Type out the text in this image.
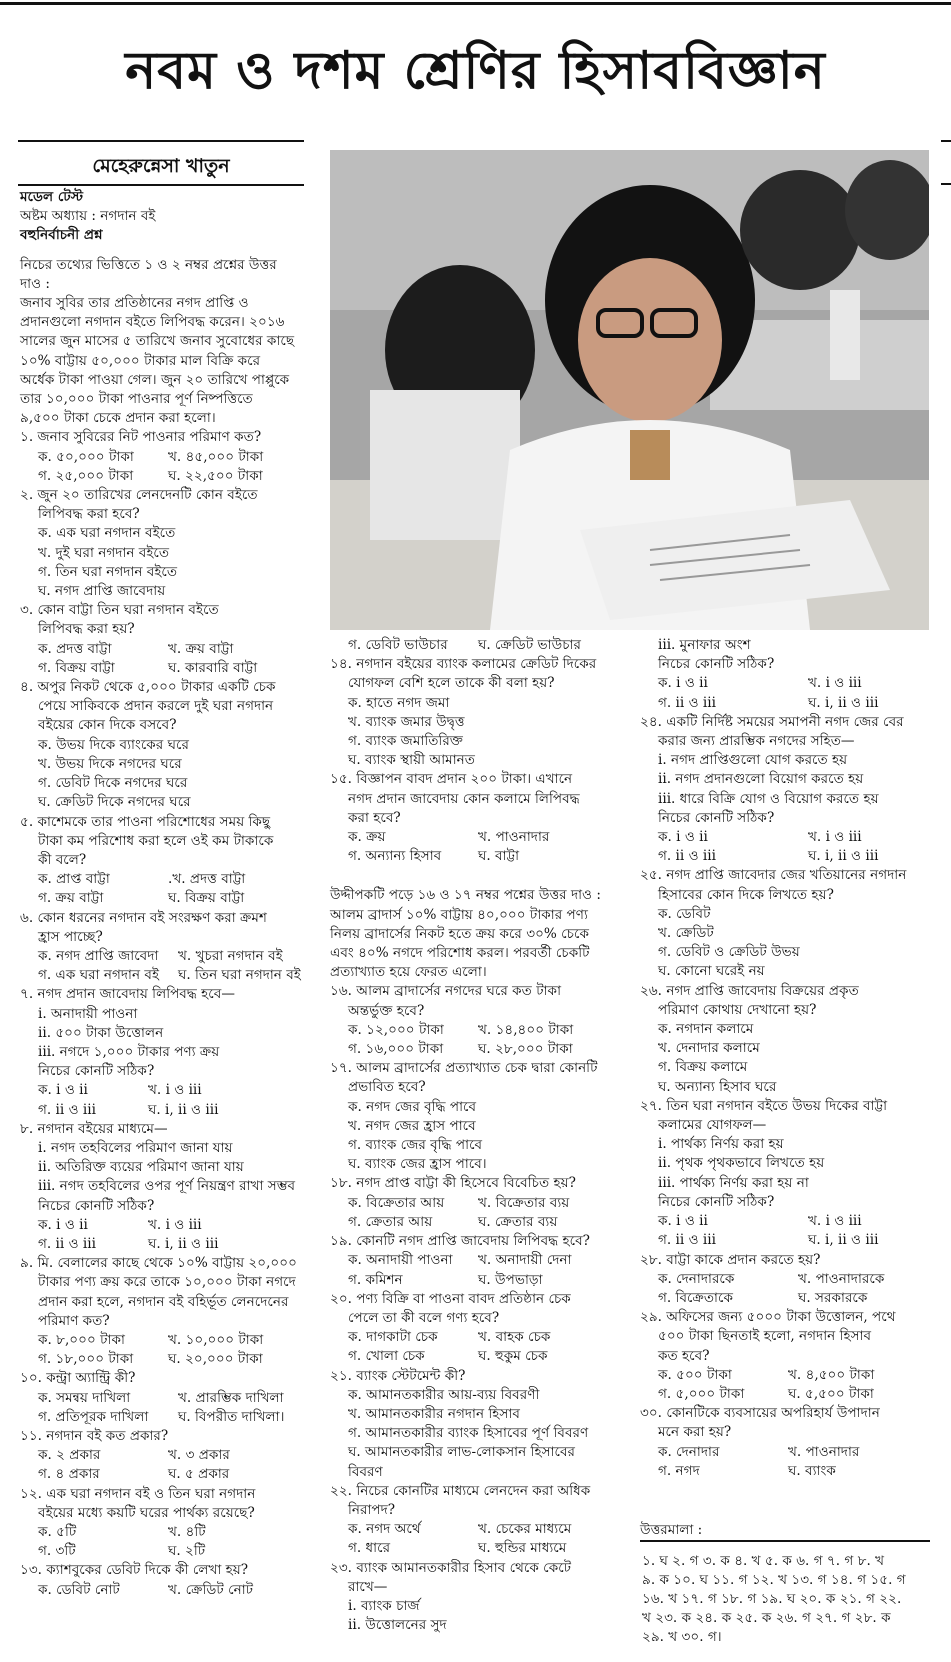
নবম ও দশম শ্রেণির হিসাববিজ্ঞান
মেহেরুন্নেসা খাতুন

মডেল টেস্ট

অষ্টম অধ্যায় : নগদান বই

বহুনির্বাচনী প্রশ্ন

নিচের তথ্যের ভিত্তিতে ১ ও ২ নম্বর প্রশ্নের উত্তর

দাও :

জনাব সুবির তার প্রতিষ্ঠানের নগদ প্রাপ্তি ও

প্রদানগুলো নগদান বইতে লিপিবদ্ধ করেন। ২০১৬

সালের জুন মাসের ৫ তারিখে জনাব সুবোধের কাছে

১০% বাট্টায় ৫০,০০০ টাকার মাল বিক্রি করে

অর্ধেক টাকা পাওয়া গেল। জুন ২০ তারিখে পাপ্পুকে

তার ১০,০০০ টাকা পাওনার পূর্ণ নিষ্পত্তিতে

৯,৫০০ টাকা চেকে প্রদান করা হলো।

১. জনাব সুবিরের নিট পাওনার পরিমাণ কত?

ক. ৫০,০০০ টাকা	খ. ৪৫,০০০ টাকা
গ. ২৫,০০০ টাকা	ঘ. ২২,৫০০ টাকা

২. জুন ২০ তারিখের লেনদেনটি কোন বইতে

লিপিবদ্ধ করা হবে?

ক. এক ঘরা নগদান বইতে

খ. দুই ঘরা নগদান বইতে

গ. তিন ঘরা নগদান বইতে

ঘ. নগদ প্রাপ্তি জাবেদায়

৩. কোন বাট্টা তিন ঘরা নগদান বইতে

লিপিবদ্ধ করা হয়?

ক. প্রদত্ত বাট্টা	খ. ক্রয় বাট্টা
গ. বিক্রয় বাট্টা	ঘ. কারবারি বাট্টা

৪. অপুর নিকট থেকে ৫,০০০ টাকার একটি চেক

পেয়ে সাকিবকে প্রদান করলে দুই ঘরা নগদান

বইয়ের কোন দিকে বসবে?

ক. উভয় দিকে ব্যাংকের ঘরে

খ. উভয় দিকে নগদের ঘরে

গ. ডেবিট দিকে নগদের ঘরে

ঘ. ক্রেডিট দিকে নগদের ঘরে

৫. কাশেমকে তার পাওনা পরিশোধের সময় কিছু

টাকা কম পরিশোধ করা হলে ওই কম টাকাকে

কী বলে?

ক. প্রাপ্ত বাট্টা	.খ. প্রদত্ত বাট্টা
গ. ক্রয় বাট্টা	ঘ. বিক্রয় বাট্টা

৬. কোন ধরনের নগদান বই সংরক্ষণ করা ক্রমশ

হ্রাস পাচ্ছে?

ক. নগদ প্রাপ্তি জাবেদা	খ. খুচরা নগদান বই
গ. এক ঘরা নগদান বই	ঘ. তিন ঘরা নগদান বই

৭. নগদ প্রদান জাবেদায় লিপিবদ্ধ হবে—

i. অনাদায়ী পাওনা

ii. ৫০০ টাকা উত্তোলন

iii. নগদে ১,০০০ টাকার পণ্য ক্রয়

নিচের কোনটি সঠিক?

ক. i ও ii	খ. i ও iii
গ. ii ও iii	ঘ. i, ii ও iii

৮. নগদান বইয়ের মাধ্যমে—

i. নগদ তহবিলের পরিমাণ জানা যায়

ii. অতিরিক্ত ব্যয়ের পরিমাণ জানা যায়

iii. নগদ তহবিলের ওপর পূর্ণ নিয়ন্ত্রণ রাখা সম্ভব

নিচের কোনটি সঠিক?

ক. i ও ii	খ. i ও iii
গ. ii ও iii	ঘ. i, ii ও iii

৯. মি. বেলালের কাছে থেকে ১০% বাট্টায় ২০,০০০

টাকার পণ্য ক্রয় করে তাকে ১০,০০০ টাকা নগদে

প্রদান করা হলে, নগদান বই বহির্ভূত লেনদেনের

পরিমাণ কত?

ক. ৮,০০০ টাকা	খ. ১০,০০০ টাকা
গ. ১৮,০০০ টাকা	ঘ. ২০,০০০ টাকা

১০. কন্ট্রা অ্যান্ট্রি কী?

ক. সমন্বয় দাখিলা	খ. প্রারম্ভিক দাখিলা
গ. প্রতিপূরক দাখিলা	ঘ. বিপরীত দাখিলা।

১১. নগদান বই কত প্রকার?

ক. ২ প্রকার	খ. ৩ প্রকার
গ. ৪ প্রকার	ঘ. ৫ প্রকার

১২. এক ঘরা নগদান বই ও তিন ঘরা নগদান

বইয়ের মধ্যে কয়টি ঘরের পার্থক্য রয়েছে?

ক. ৫টি	খ. ৪টি
গ. ৩টি	ঘ. ২টি

১৩. ক্যাশবুকের ডেবিট দিকে কী লেখা হয়?

ক. ডেবিট নোট	খ. ক্রেডিট নোট
গ. ডেবিট ভাউচার	ঘ. ক্রেডিট ভাউচার

১৪. নগদান বইয়ের ব্যাংক কলামের ক্রেডিট দিকের

যোগফল বেশি হলে তাকে কী বলা হয়?

ক. হাতে নগদ জমা

খ. ব্যাংক জমার উদ্বৃত্ত

গ. ব্যাংক জমাতিরিক্ত

ঘ. ব্যাংক স্থায়ী আমানত

১৫. বিজ্ঞাপন বাবদ প্রদান ২০০ টাকা। এখানে

নগদ প্রদান জাবেদায় কোন কলামে লিপিবদ্ধ

করা হবে?

ক. ক্রয়	খ. পাওনাদার
গ. অন্যান্য হিসাব	ঘ. বাট্টা

উদ্দীপকটি পড়ে ১৬ ও ১৭ নম্বর পশ্নের উত্তর দাও :

আলম ব্রাদার্স ১০% বাট্টায় ৪০,০০০ টাকার পণ্য

নিলয় ব্রাদার্সের নিকট হতে ক্রয় করে ৩০% চেকে

এবং ৪০% নগদে পরিশোধ করল। পরবর্তী চেকটি

প্রত্যাখ্যাত হয়ে ফেরত এলো।

১৬. আলম ব্রাদার্সের নগদের ঘরে কত টাকা

অন্তর্ভুক্ত হবে?

ক. ১২,০০০ টাকা	খ. ১৪,৪০০ টাকা
গ. ১৬,০০০ টাকা	ঘ. ২৮,০০০ টাকা

১৭. আলম ব্রাদার্সের প্রত্যাখ্যাত চেক দ্বারা কোনটি

প্রভাবিত হবে?

ক. নগদ জের বৃদ্ধি পাবে

খ. নগদ জের হ্রাস পাবে

গ. ব্যাংক জের বৃদ্ধি পাবে

ঘ. ব্যাংক জের হ্রাস পাবে।

১৮. নগদ প্রাপ্ত বাট্টা কী হিসেবে বিবেচিত হয়?

ক. বিক্রেতার আয়	খ. বিক্রেতার ব্যয়
গ. ক্রেতার আয়	ঘ. ক্রেতার ব্যয়

১৯. কোনটি নগদ প্রাপ্তি জাবেদায় লিপিবদ্ধ হবে?

ক. অনাদায়ী পাওনা	খ. অনাদায়ী দেনা
গ. কমিশন	ঘ. উপভাড়া

২০. পণ্য বিক্রি বা পাওনা বাবদ প্রতিষ্ঠান চেক

পেলে তা কী বলে গণ্য হবে?

ক. দাগকাটা চেক	খ. বাহক চেক
গ. খোলা চেক	ঘ. হুকুম চেক

২১. ব্যাংক স্টেটমেন্ট কী?

ক. আমানতকারীর আয়-ব্যয় বিবরণী

খ. আমানতকারীর নগদান হিসাব

গ. আমানতকারীর ব্যাংক হিসাবের পূর্ণ বিবরণ

ঘ. আমানতকারীর লাভ-লোকসান হিসাবের

বিবরণ

২২. নিচের কোনটির মাধ্যমে লেনদেন করা অধিক

নিরাপদ?

ক. নগদ অর্থে	খ. চেকের মাধ্যমে
গ. ধারে	ঘ. হুন্ডির মাধ্যমে

২৩. ব্যাংক আমানতকারীর হিসাব থেকে কেটে

রাখে—

i. ব্যাংক চার্জ

ii. উত্তোলনের সুদ

iii. মুনাফার অংশ

নিচের কোনটি সঠিক?

ক. i ও ii	খ. i ও iii
গ. ii ও iii	ঘ. i, ii ও iii

২৪. একটি নির্দিষ্ট সময়ের সমাপনী নগদ জের বের

করার জন্য প্রারম্ভিক নগদের সহিত—

i. নগদ প্রাপ্তিগুলো যোগ করতে হয়

ii. নগদ প্রদানগুলো বিয়োগ করতে হয়

iii. ধারে বিক্রি যোগ ও বিয়োগ করতে হয়

নিচের কোনটি সঠিক?

ক. i ও ii	খ. i ও iii
গ. ii ও iii	ঘ. i, ii ও iii

২৫. নগদ প্রাপ্তি জাবেদার জের খতিয়ানের নগদান

হিসাবের কোন দিকে লিখতে হয়?

ক. ডেবিট

খ. ক্রেডিট

গ. ডেবিট ও ক্রেডিট উভয়

ঘ. কোনো ঘরেই নয়

২৬. নগদ প্রাপ্তি জাবেদায় বিক্রয়ের প্রকৃত

পরিমাণ কোথায় দেখানো হয়?

ক. নগদান কলামে

খ. দেনাদার কলামে

গ. বিক্রয় কলামে

ঘ. অন্যান্য হিসাব ঘরে

২৭. তিন ঘরা নগদান বইতে উভয় দিকের বাট্টা

কলামের যোগফল—

i. পার্থক্য নির্ণয় করা হয়

ii. পৃথক পৃথকভাবে লিখতে হয়

iii. পার্থক্য নির্ণয় করা হয় না

নিচের কোনটি সঠিক?

ক. i ও ii	খ. i ও iii
গ. ii ও iii	ঘ. i, ii ও iii

২৮. বাট্টা কাকে প্রদান করতে হয়?

ক. দেনাদারকে	খ. পাওনাদারকে
গ. বিক্রেতাকে	ঘ. সরকারকে

২৯. অফিসের জন্য ৫০০০ টাকা উত্তোলন, পথে

৫০০ টাকা ছিনতাই হলো, নগদান হিসাব

কত হবে?

ক. ৫০০ টাকা	খ. ৪,৫০০ টাকা
গ. ৫,০০০ টাকা	ঘ. ৫,৫০০ টাকা

৩০. কোনটিকে ব্যবসায়ের অপরিহার্য উপাদান

মনে করা হয়?

ক. দেনাদার	খ. পাওনাদার
গ. নগদ	ঘ. ব্যাংক

উত্তরমালা :

১. ঘ ২. গ ৩. ক ৪. খ ৫. ক ৬. গ ৭. গ ৮. খ

৯. ক ১০. ঘ ১১. গ ১২. খ ১৩. গ ১৪. গ ১৫. গ

১৬. খ ১৭. গ ১৮. গ ১৯. ঘ ২০. ক ২১. গ ২২.

খ ২৩. ক ২৪. ক ২৫. ক ২৬. গ ২৭. গ ২৮. ক

২৯. খ ৩০. গ।
